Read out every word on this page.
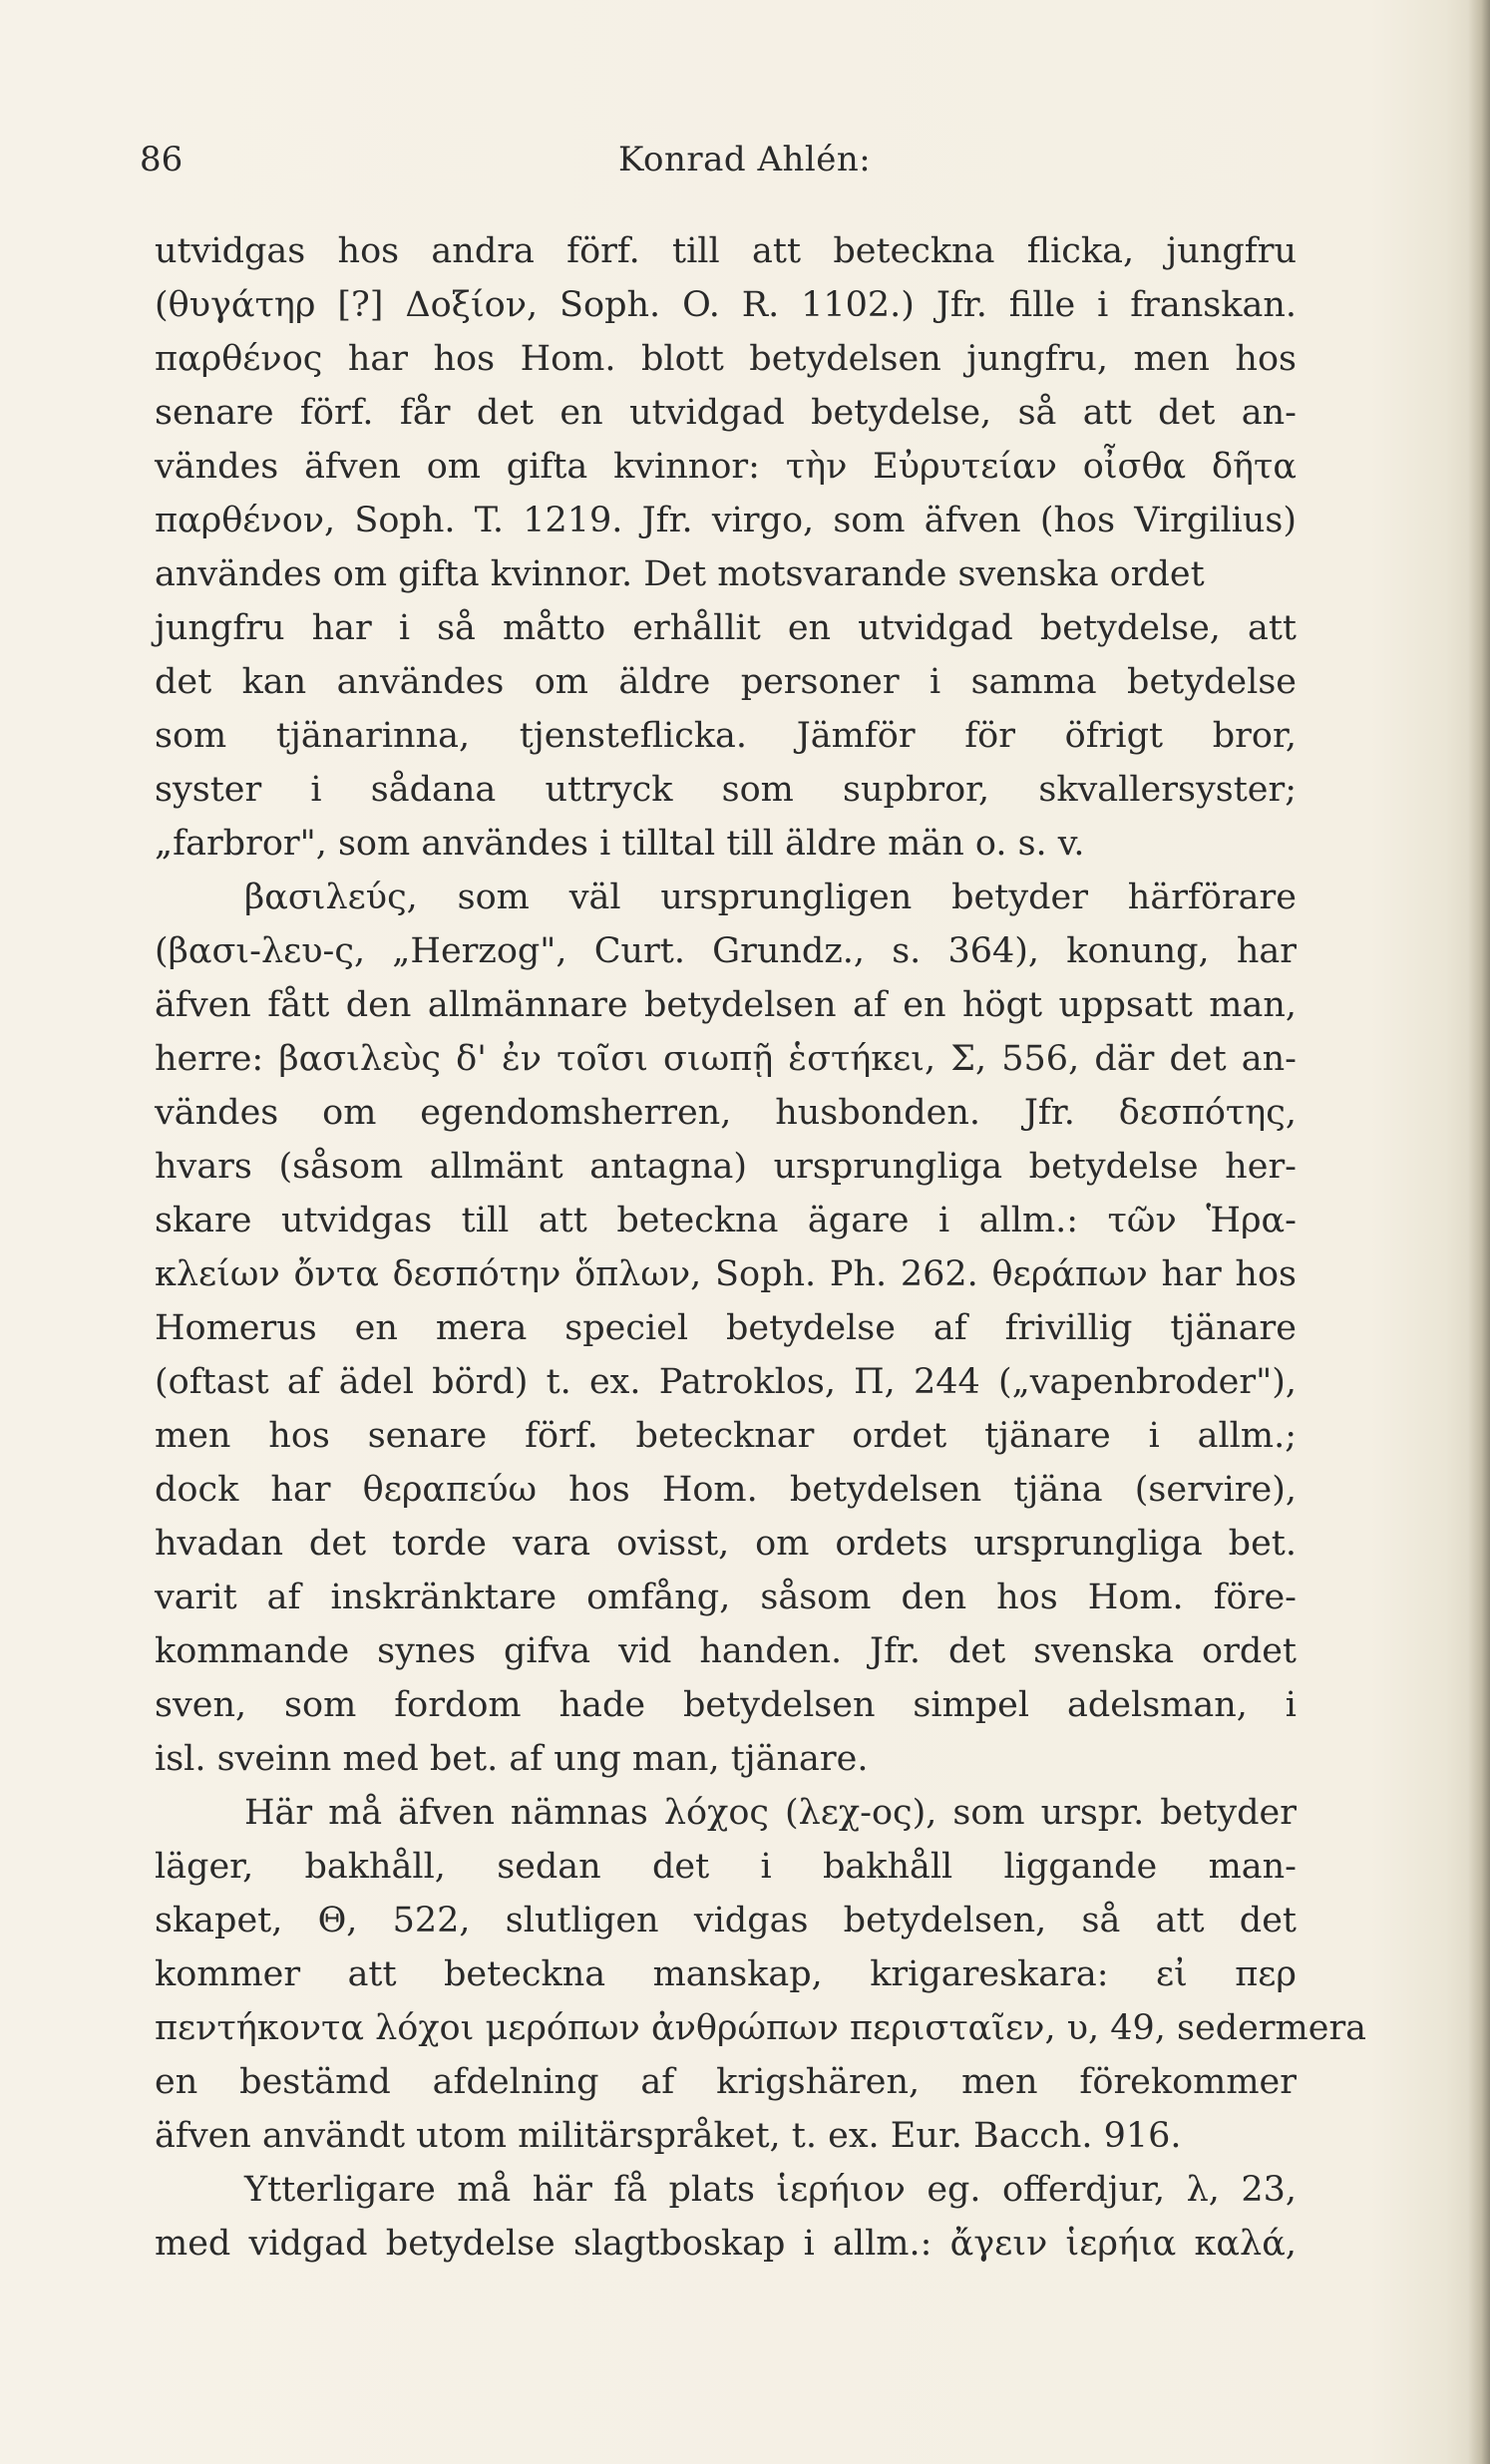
86	Konrad Ahlén:
utvidgas hos andra förf. till att beteckna flicka, jungfru
(θυγάτηρ [?] Δοξίον, Soph. O. R. 1102.) Jfr. fille i franskan.
παρθένος har hos Hom. blott betydelsen jungfru, men hos
senare förf. får det en utvidgad betydelse, så att det an-
vändes äfven om gifta kvinnor: τὴν Εὐρυτείαν οἶσθα δῆτα
παρθένον, Soph. T. 1219. Jfr. virgo, som äfven (hos Virgilius)
användes om gifta kvinnor. Det motsvarande svenska ordet
jungfru har i så måtto erhållit en utvidgad betydelse, att
det kan användes om äldre personer i samma betydelse
som tjänarinna, tjensteflicka. Jämför för öfrigt bror,
syster i sådana uttryck som supbror, skvallersyster;
„farbror", som användes i tilltal till äldre män o. s. v.
βασιλεύς, som väl ursprungligen betyder härförare
(βασι-λευ-ς, „Herzog", Curt. Grundz., s. 364), konung, har
äfven fått den allmännare betydelsen af en högt uppsatt man,
herre: βασιλεὺς δ' ἐν τοῖσι σιωπῇ ἑστήκει, Σ, 556, där det an-
vändes om egendomsherren, husbonden. Jfr. δεσπότης,
hvars (såsom allmänt antagna) ursprungliga betydelse her-
skare utvidgas till att beteckna ägare i allm.: τῶν Ἡρα-
κλείων ὄντα δεσπότην ὅπλων, Soph. Ph. 262. θεράπων har hos
Homerus en mera speciel betydelse af frivillig tjänare
(oftast af ädel börd) t. ex. Patroklos, Π, 244 („vapenbroder"),
men hos senare förf. betecknar ordet tjänare i allm.;
dock har θεραπεύω hos Hom. betydelsen tjäna (servire),
hvadan det torde vara ovisst, om ordets ursprungliga bet.
varit af inskränktare omfång, såsom den hos Hom. före-
kommande synes gifva vid handen. Jfr. det svenska ordet
sven, som fordom hade betydelsen simpel adelsman, i
isl. sveinn med bet. af ung man, tjänare.
Här må äfven nämnas λόχος (λεχ-ος), som urspr. betyder
läger, bakhåll, sedan det i bakhåll liggande man-
skapet, Θ, 522, slutligen vidgas betydelsen, så att det
kommer att beteckna manskap, krigareskara: εἰ περ
πεντήκοντα λόχοι μερόπων ἀνθρώπων περισταῖεν, υ, 49, sedermera
en bestämd afdelning af krigshären, men förekommer
äfven användt utom militärspråket, t. ex. Eur. Bacch. 916.
Ytterligare må här få plats ἱερήιον eg. offerdjur, λ, 23,
med vidgad betydelse slagtboskap i allm.: ἄγειν ἱερήια καλά,
